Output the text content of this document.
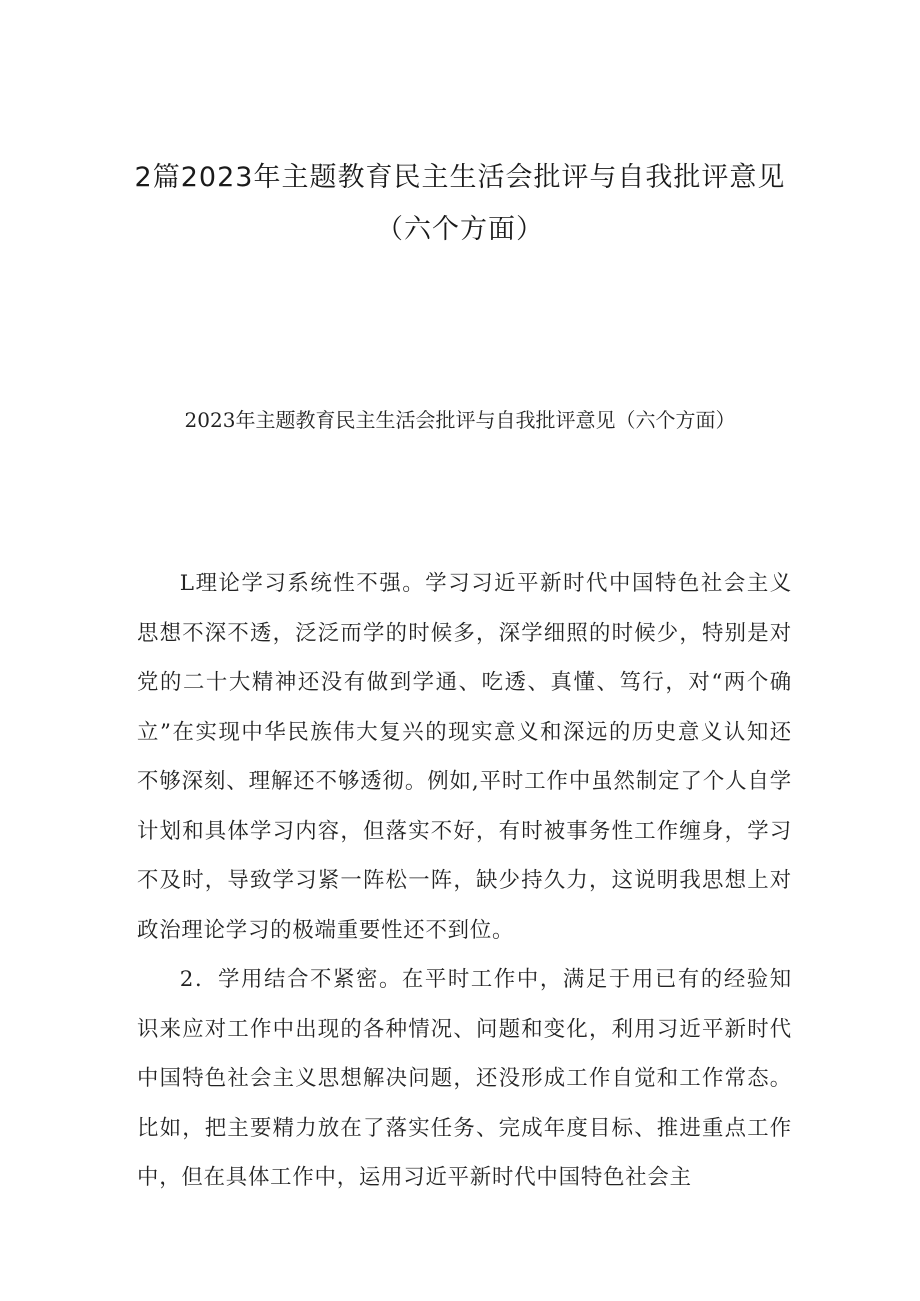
2篇2023年主题教育民主生活会批评与自我批评意见（六个方面）
2023年主题教育民主生活会批评与自我批评意见（六个方面）

L理论学习系统性不强。学习习近平新时代中国特色社会主义思想不深不透，泛泛而学的时候多，深学细照的时候少，特别是对党的二十大精神还没有做到学通、吃透、真懂、笃行，对“两个确立”在实现中华民族伟大复兴的现实意义和深远的历史意义认知还不够深刻、理解还不够透彻。例如,平时工作中虽然制定了个人自学计划和具体学习内容，但落实不好，有时被事务性工作缠身，学习不及时，导致学习紧一阵松一阵，缺少持久力，这说明我思想上对政治理论学习的极端重要性还不到位。

2．学用结合不紧密。在平时工作中，满足于用已有的经验知识来应对工作中出现的各种情况、问题和变化，利用习近平新时代中国特色社会主义思想解决问题，还没形成工作自觉和工作常态。比如，把主要精力放在了落实任务、完成年度目标、推进重点工作中，但在具体工作中，运用习近平新时代中国特色社会主
